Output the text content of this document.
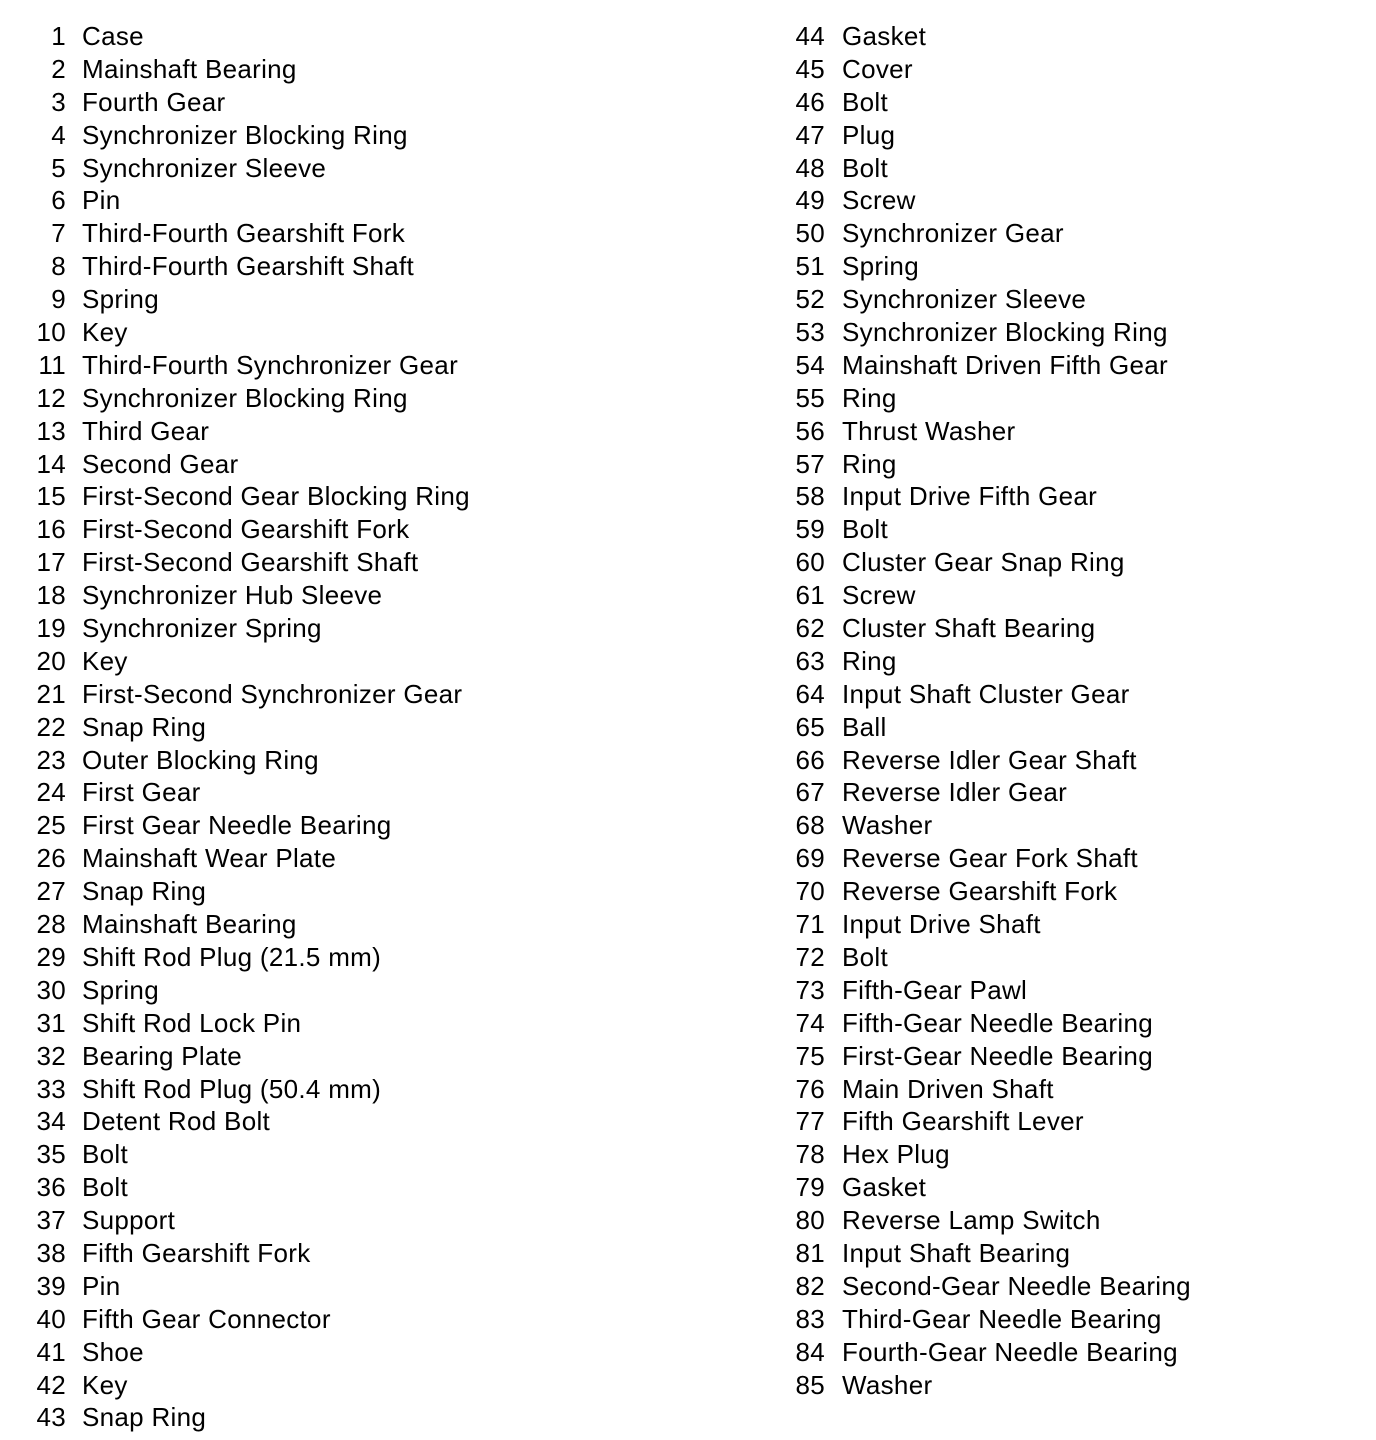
1 Case
2 Mainshaft Bearing
3 Fourth Gear
4 Synchronizer Blocking Ring
5 Synchronizer Sleeve
6 Pin
7 Third-Fourth Gearshift Fork
8 Third-Fourth Gearshift Shaft
9 Spring
10 Key
11 Third-Fourth Synchronizer Gear
12 Synchronizer Blocking Ring
13 Third Gear
14 Second Gear
15 First-Second Gear Blocking Ring
16 First-Second Gearshift Fork
17 First-Second Gearshift Shaft
18 Synchronizer Hub Sleeve
19 Synchronizer Spring
20 Key
21 First-Second Synchronizer Gear
22 Snap Ring
23 Outer Blocking Ring
24 First Gear
25 First Gear Needle Bearing
26 Mainshaft Wear Plate
27 Snap Ring
28 Mainshaft Bearing
29 Shift Rod Plug (21.5 mm)
30 Spring
31 Shift Rod Lock Pin
32 Bearing Plate
33 Shift Rod Plug (50.4 mm)
34 Detent Rod Bolt
35 Bolt
36 Bolt
37 Support
38 Fifth Gearshift Fork
39 Pin
40 Fifth Gear Connector
41 Shoe
42 Key
43 Snap Ring
44 Gasket
45 Cover
46 Bolt
47 Plug
48 Bolt
49 Screw
50 Synchronizer Gear
51 Spring
52 Synchronizer Sleeve
53 Synchronizer Blocking Ring
54 Mainshaft Driven Fifth Gear
55 Ring
56 Thrust Washer
57 Ring
58 Input Drive Fifth Gear
59 Bolt
60 Cluster Gear Snap Ring
61 Screw
62 Cluster Shaft Bearing
63 Ring
64 Input Shaft Cluster Gear
65 Ball
66 Reverse Idler Gear Shaft
67 Reverse Idler Gear
68 Washer
69 Reverse Gear Fork Shaft
70 Reverse Gearshift Fork
71 Input Drive Shaft
72 Bolt
73 Fifth-Gear Pawl
74 Fifth-Gear Needle Bearing
75 First-Gear Needle Bearing
76 Main Driven Shaft
77 Fifth Gearshift Lever
78 Hex Plug
79 Gasket
80 Reverse Lamp Switch
81 Input Shaft Bearing
82 Second-Gear Needle Bearing
83 Third-Gear Needle Bearing
84 Fourth-Gear Needle Bearing
85 Washer
